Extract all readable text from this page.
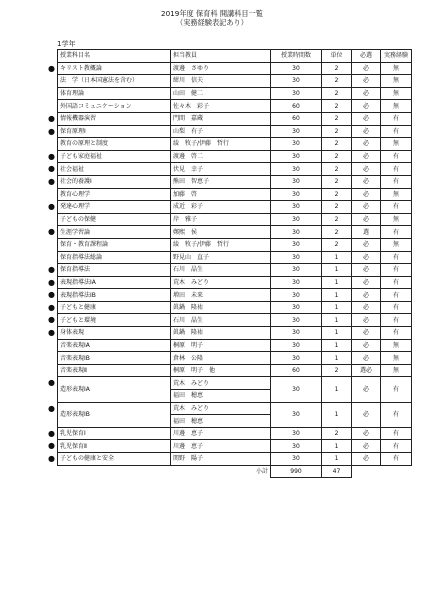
2019年度 保育科 開講科目一覧
（実務経験表記あり）
1学年
授業科目名	担当教員	授業時間数	単位	必選	実務経験

● キリスト教概論	渡邊　さゆり	30	2	必	無

法　学（日本国憲法を含む）	紺川　信夫	30	2	必	無

体育理論	山田　健二	30	2	必	無

外国語コミュニケーション	佐々木　彩子	60	2	必	無

● 情報機器演習	門間　嘉蔵	60	2	必	有

● 保育原理Ⅰ	山梨　有子	30	2	必	有

教育の原理と制度	綾　牧子/伊藤　哲行	30	2	必	無

● 子ども家庭福祉	渡邊　啓二	30	2	必	有

● 社会福祉	伏見　幸子	30	2	必	有

● 社会的養護Ⅰ	熊田　智恵子	30	2	必	有

教育心理学	加藤　啓	30	2	必	無

● 発達心理学	成近　彩子	30	2	必	有

子どもの保健	岸　雅子	30	2	必	無

● 生涯学習論	鄭熙　侯	30	2	選	有

保育・教育課程論	綾　牧子/伊藤　哲行	30	2	必	無

保育指導法総論	野見山　直子	30	1	必	有

● 保育指導法	石川　晶生	30	1	必	有

● 表現指導法ⅠA	荒木　みどり	30	1	必	有

● 表現指導法ⅠB	増田　未来	30	1	必	有

● 子どもと健康	眞鍋　隆祐	30	1	必	有

● 子どもと環境	石川　晶生	30	1	必	有

● 身体表現	眞鍋　隆祐	30	1	必	有

音楽表現ⅠA	桐原　明子	30	1	必	無

音楽表現ⅠB	倉林　公隆	30	1	必	無

音楽表現Ⅱ	桐原　明子　他	60	2	選必	無

●
造形表現ⅠA	荒木　みどり	30	1	必	有
	福田　穂恵				

●
造形表現ⅠB	荒木　みどり	30	1	必	有
	福田　穂恵				

● 乳児保育Ⅰ	川邊　恵子	30	2	必	有

● 乳児保育Ⅱ	川邊　恵子	30	1	必	有

● 子どもの健康と安全	関野　陽子	30	1	必	有
	小計	990	47		
